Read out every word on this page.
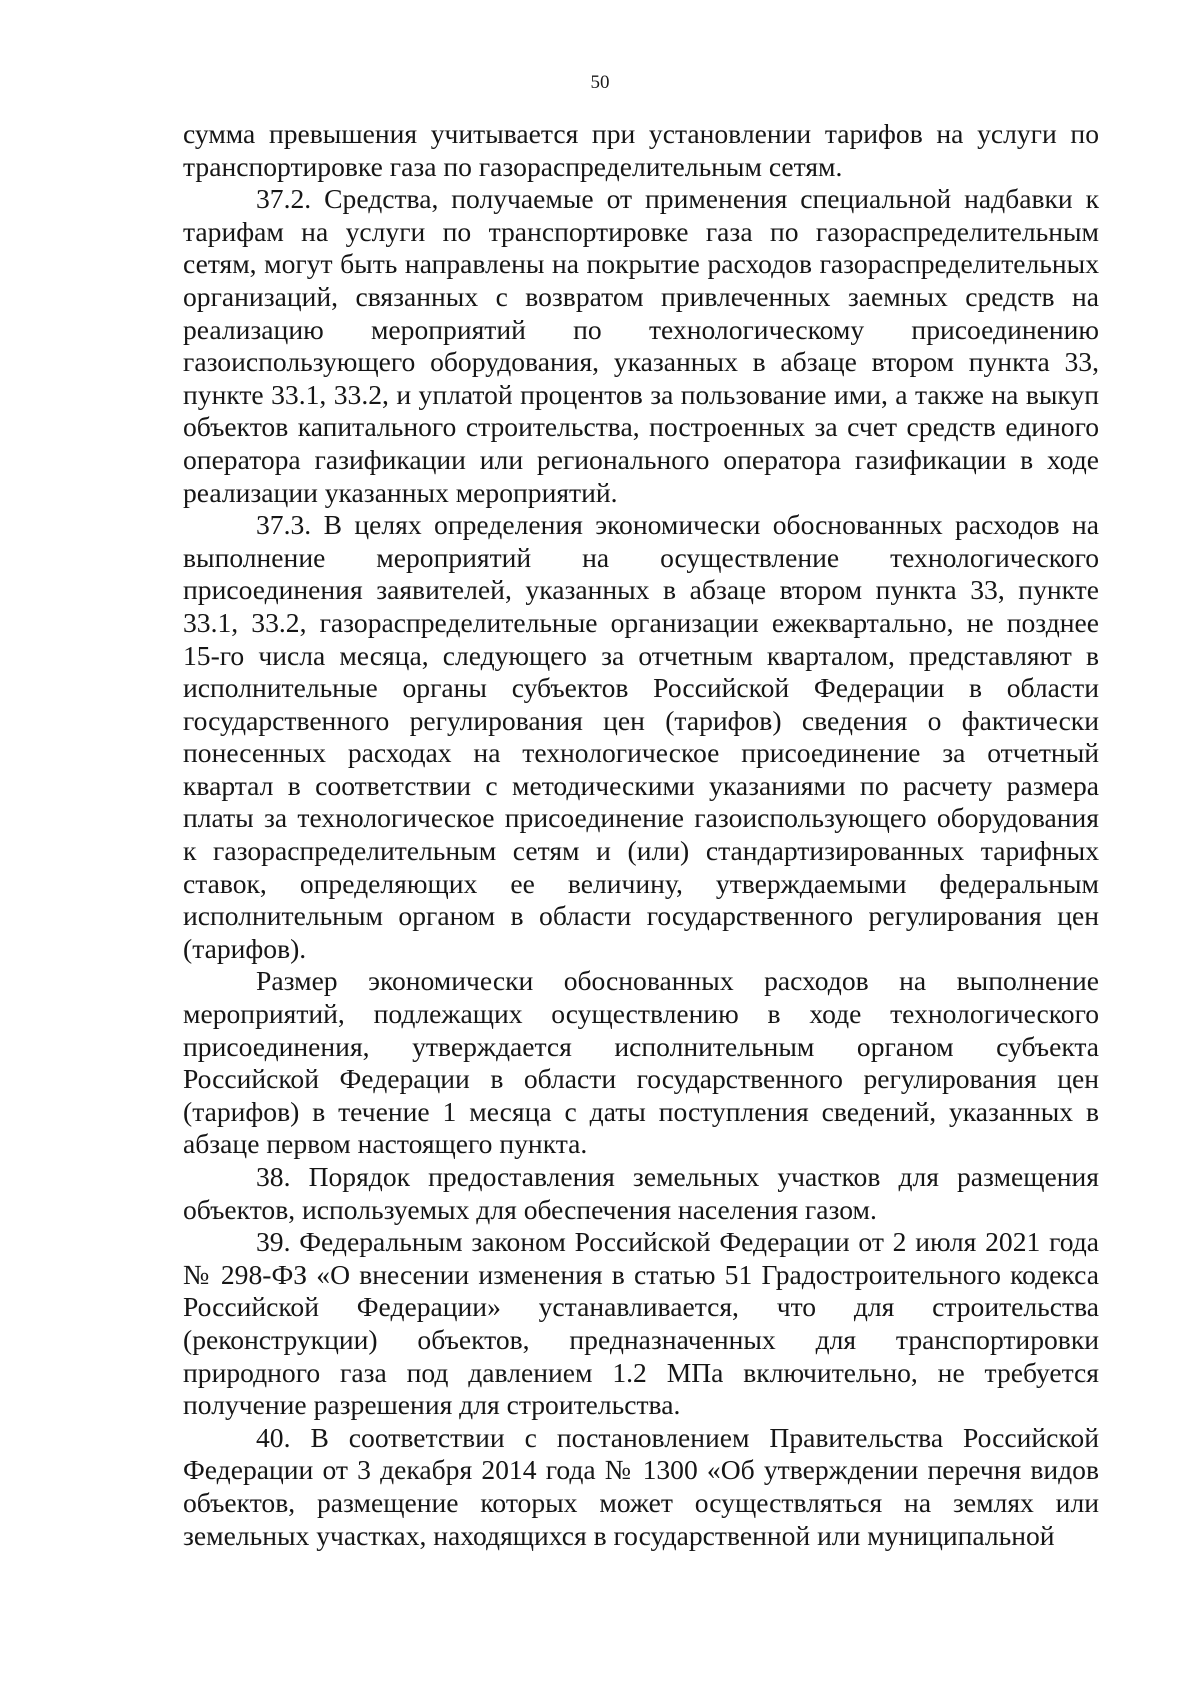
50

сумма превышения учитывается при установлении тарифов на услуги по транспортировке газа по газораспределительным сетям.

37.2. Средства, получаемые от применения специальной надбавки к тарифам на услуги по транспортировке газа по газораспределительным сетям, могут быть направлены на покрытие расходов газораспределительных организаций, связанных с возвратом привлеченных заемных средств на реализацию мероприятий по технологическому присоединению газоиспользующего оборудования, указанных в абзаце втором пункта 33, пункте 33.1, 33.2, и уплатой процентов за пользование ими, а также на выкуп объектов капитального строительства, построенных за счет средств единого оператора газификации или регионального оператора газификации в ходе реализации указанных мероприятий.

37.3. В целях определения экономически обоснованных расходов на выполнение мероприятий на осуществление технологического присоединения заявителей, указанных в абзаце втором пункта 33, пункте 33.1, 33.2, газораспределительные организации ежеквартально, не позднее 15-го числа месяца, следующего за отчетным кварталом, представляют в исполнительные органы субъектов Российской Федерации в области государственного регулирования цен (тарифов) сведения о фактически понесенных расходах на технологическое присоединение за отчетный квартал в соответствии с методическими указаниями по расчету размера платы за технологическое присоединение газоиспользующего оборудования к газораспределительным сетям и (или) стандартизированных тарифных ставок, определяющих ее величину, утверждаемыми федеральным исполнительным органом в области государственного регулирования цен (тарифов).

Размер экономически обоснованных расходов на выполнение мероприятий, подлежащих осуществлению в ходе технологического присоединения, утверждается исполнительным органом субъекта Российской Федерации в области государственного регулирования цен (тарифов) в течение 1 месяца с даты поступления сведений, указанных в абзаце первом настоящего пункта.

38. Порядок предоставления земельных участков для размещения объектов, используемых для обеспечения населения газом.

39. Федеральным законом Российской Федерации от 2 июля 2021 года № 298-ФЗ «О внесении изменения в статью 51 Градостроительного кодекса Российской Федерации» устанавливается, что для строительства (реконструкции) объектов, предназначенных для транспортировки природного газа под давлением 1.2 МПа включительно, не требуется получение разрешения для строительства.

40. В соответствии с постановлением Правительства Российской Федерации от 3 декабря 2014 года № 1300 «Об утверждении перечня видов объектов, размещение которых может осуществляться на землях или земельных участках, находящихся в государственной или муниципальной
